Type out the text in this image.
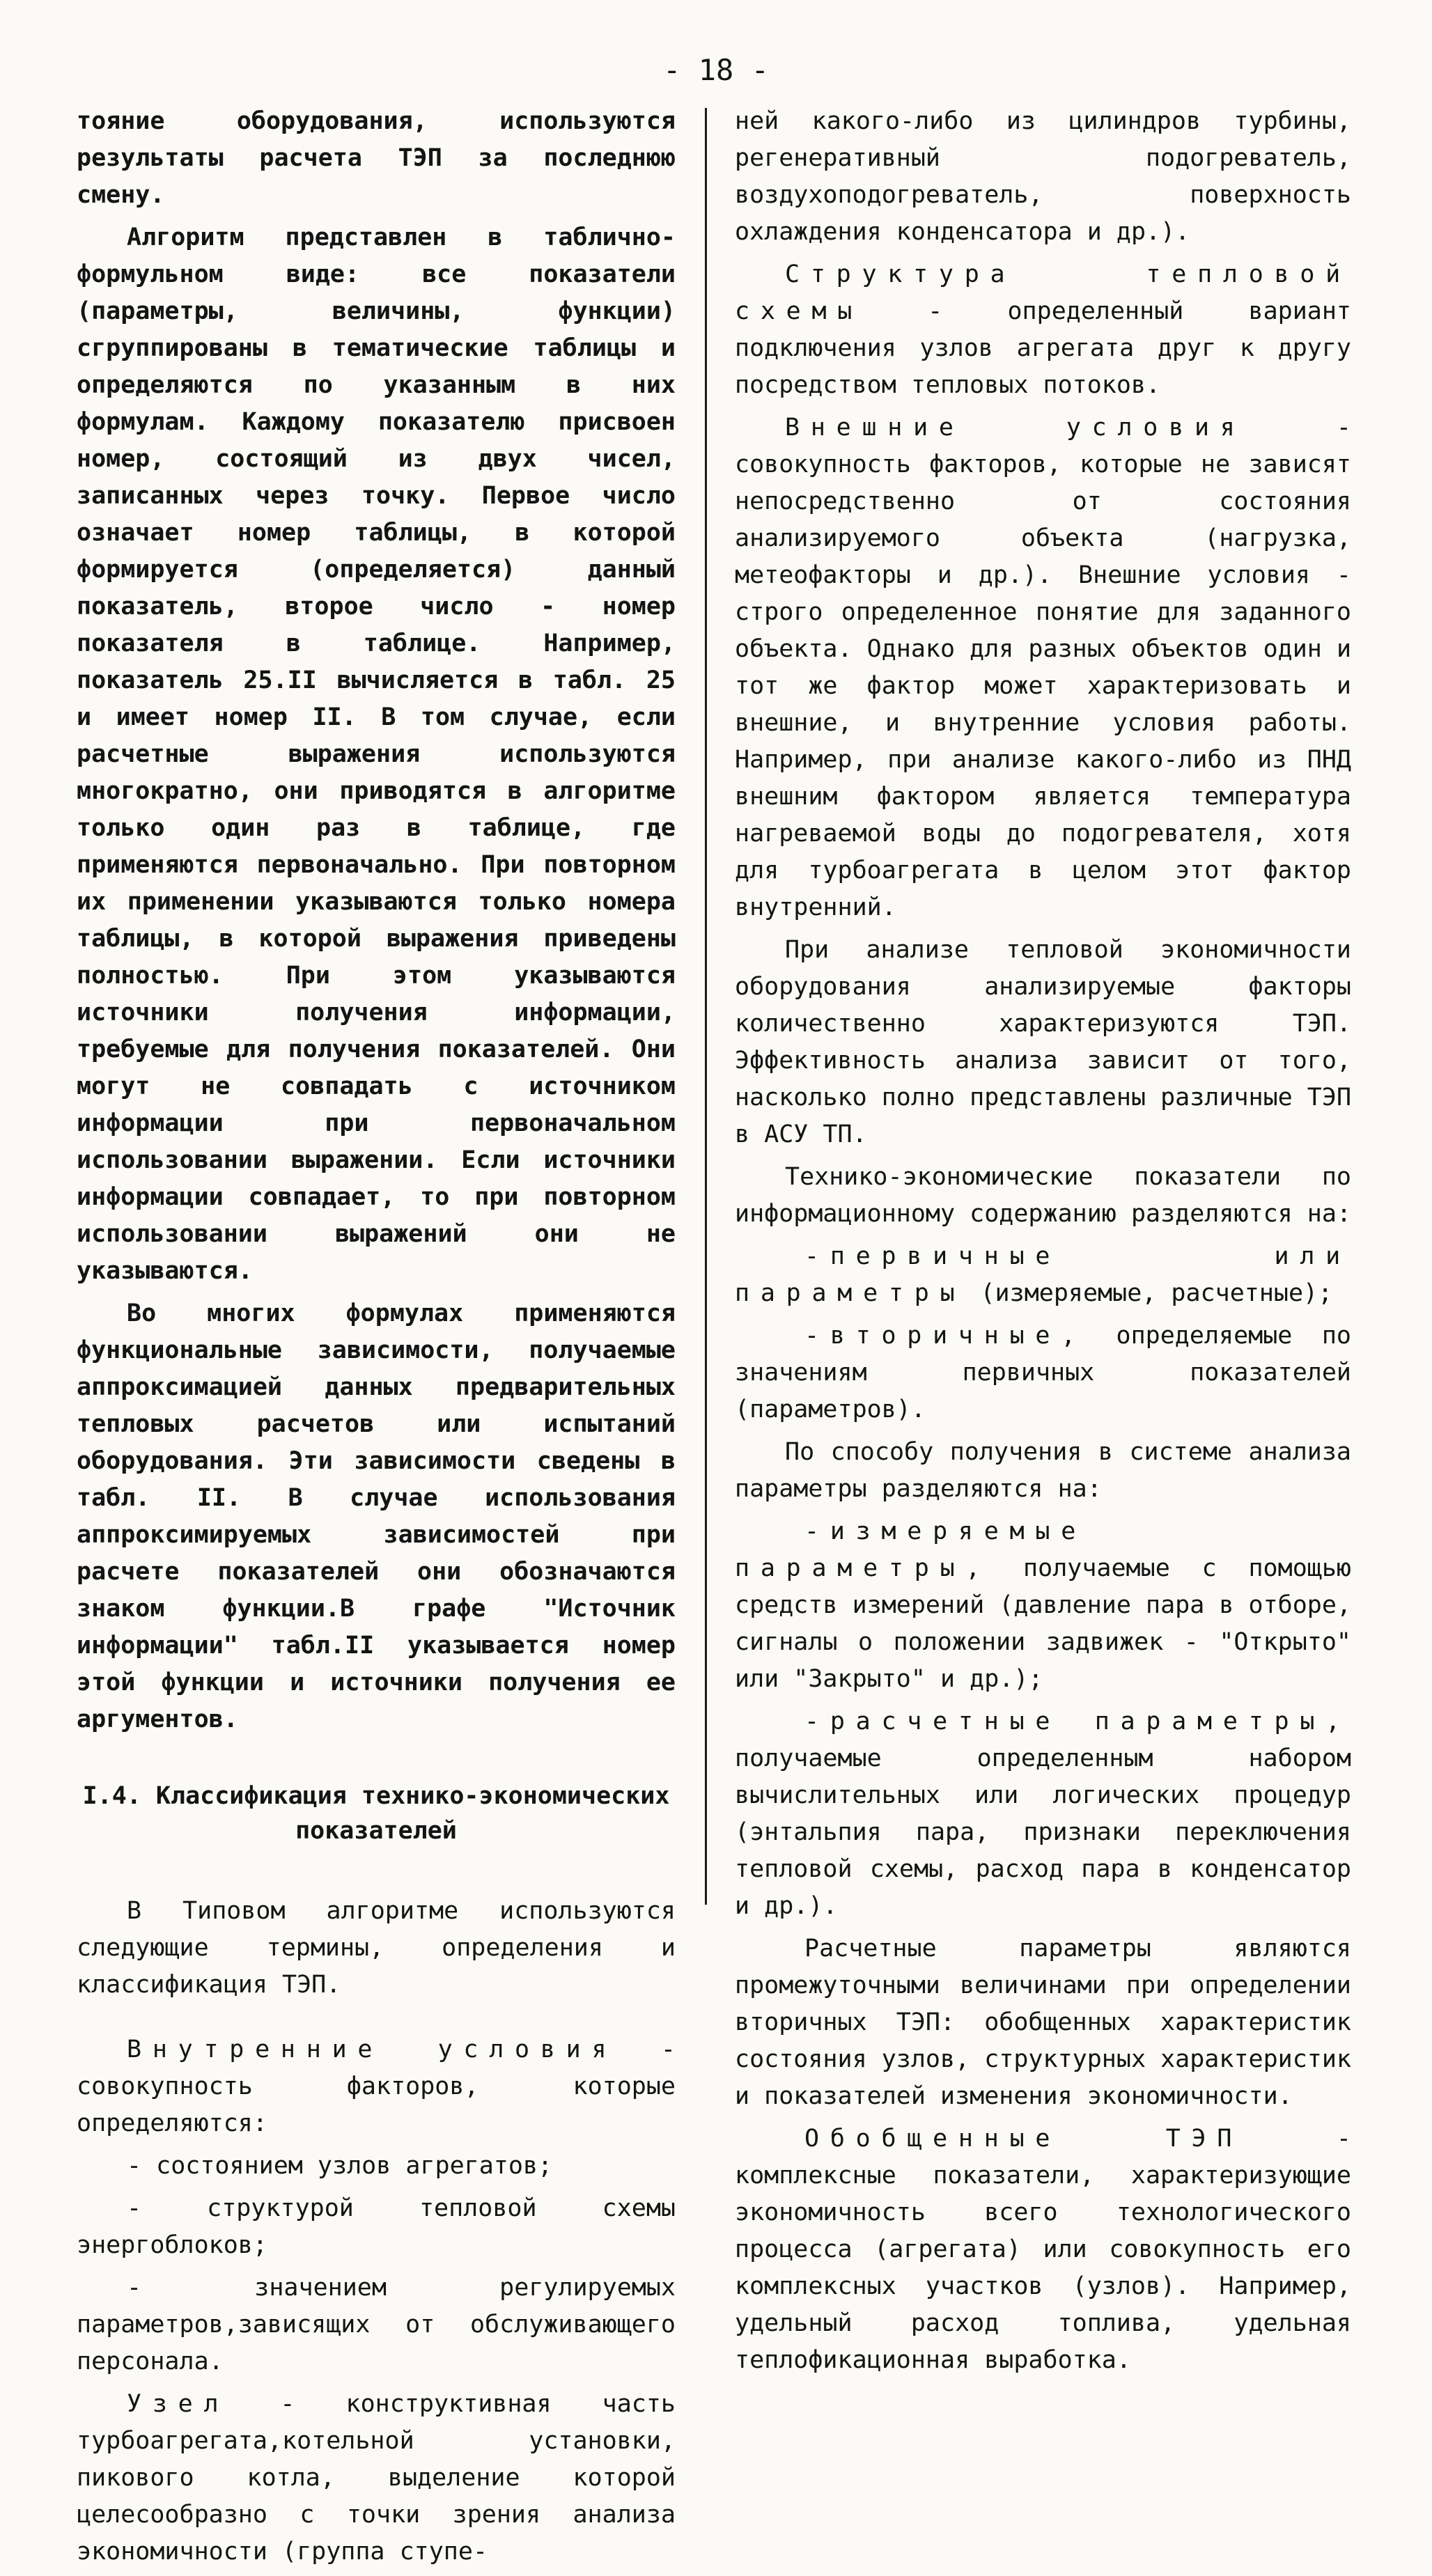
- 18 -

тояние оборудования, используются результаты расчета ТЭП за последнюю смену.

Алгоритм представлен в таблично-формульном виде: все показатели (параметры, величины, функции) сгруппированы в тематические таблицы и определяются по указанным в них формулам. Каждому показателю присвоен номер, состоящий из двух чисел, записанных через точку. Первое число означает номер таблицы, в которой формируется (определяется) данный показатель, второе число - номер показателя в таблице. Например, показатель 25.II вычисляется в табл. 25 и имеет номер II. В том случае, если расчетные выражения используются многократно, они приводятся в алгоритме только один раз в таблице, где применяются первоначально. При повторном их применении указываются только номера таблицы, в которой выражения приведены полностью. При этом указываются источники получения информации, требуемые для получения показателей. Они могут не совпадать с источником информации при первоначальном использовании выражении. Если источники информации совпадает, то при повторном использовании выражений они не указываются.

Во многих формулах применяются функциональные зависимости, получаемые аппроксимацией данных предварительных тепловых расчетов или испытаний оборудования. Эти зависимости сведены в табл. II. В случае использования аппроксимируемых зависимостей при расчете показателей они обозначаются знаком функции.В графе "Источник информации" табл.II указывается номер этой функции и источники получения ее аргументов.

I.4. Классификация технико-экономических
показателей

В Типовом алгоритме используются следующие термины, определения и классификация ТЭП.

Внутренние условия - совокупность факторов, которые определяются:

- состоянием узлов агрегатов;

- структурой тепловой схемы энергоблоков;

- значением регулируемых параметров,зависящих от обслуживающего персонала.

Узел - конструктивная часть турбоагрегата,котельной установки, пикового котла, выделение которой целесообразно с точки зрения анализа экономичности (группа ступе-

ней какого-либо из цилиндров турбины, регенеративный подогреватель, воздухоподогреватель, поверхность охлаждения конденсатора и др.).

Структура тепловой схемы - определенный вариант подключения узлов агрегата друг к другу посредством тепловых потоков.

Внешние условия - совокупность факторов, которые не зависят непосредственно от состояния анализируемого объекта (нагрузка, метеофакторы и др.). Внешние условия - строго определенное понятие для заданного объекта. Однако для разных объектов один и тот же фактор может характеризовать и внешние, и внутренние условия работы. Например, при анализе какого-либо из ПНД внешним фактором является температура нагреваемой воды до подогревателя, хотя для турбоагрегата в целом этот фактор внутренний.

При анализе тепловой экономичности оборудования анализируемые факторы количественно характеризуются ТЭП. Эффективность анализа зависит от того, насколько полно представлены различные ТЭП в АСУ ТП.

Технико-экономические показатели по информационному содержанию разделяются на:

-первичные или параметры (измеряемые, расчетные);

-вторичные, определяемые по значениям первичных показателей (параметров).

По способу получения в системе анализа параметры разделяются на:

-измеряемые параметры, получаемые с помощью средств измерений (давление пара в отборе, сигналы о положении задвижек - "Открыто" или "Закрыто" и др.);

-расчетные параметры, получаемые определенным набором вычислительных или логических процедур (энтальпия пара, признаки переключения тепловой схемы, расход пара в конденсатор и др.).

Расчетные параметры являются промежуточными величинами при определении вторичных ТЭП: обобщенных характеристик состояния узлов, структурных характеристик и показателей изменения экономичности.

Обобщенные ТЭП - комплексные показатели, характеризующие экономичность всего технологического процесса (агрегата) или совокупность его комплексных участков (узлов). Например, удельный расход топлива, удельная теплофикационная выработка.
